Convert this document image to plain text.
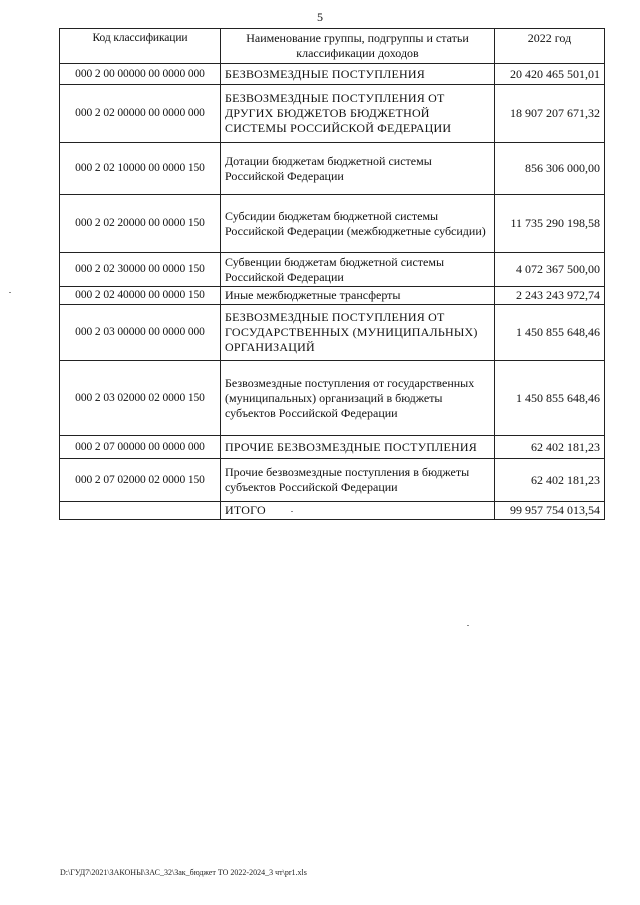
5
Код классификации	Наименование группы, подгруппы и статьи классификации доходов	2022 год
000 2 00 00000 00 0000 000	БЕЗВОЗМЕЗДНЫЕ ПОСТУПЛЕНИЯ	20 420 465 501,01
000 2 02 00000 00 0000 000	БЕЗВОЗМЕЗДНЫЕ ПОСТУПЛЕНИЯ ОТ ДРУГИХ БЮДЖЕТОВ БЮДЖЕТНОЙ СИСТЕМЫ РОССИЙСКОЙ ФЕДЕРАЦИИ	18 907 207 671,32
000 2 02 10000 00 0000 150	Дотации бюджетам бюджетной системы Российской Федерации	856 306 000,00
000 2 02 20000 00 0000 150	Субсидии бюджетам бюджетной системы Российской Федерации (межбюджетные субсидии)	11 735 290 198,58
000 2 02 30000 00 0000 150	Субвенции бюджетам бюджетной системы Российской Федерации	4 072 367 500,00
000 2 02 40000 00 0000 150	Иные межбюджетные трансферты	2 243 243 972,74
000 2 03 00000 00 0000 000	БЕЗВОЗМЕЗДНЫЕ ПОСТУПЛЕНИЯ ОТ ГОСУДАРСТВЕННЫХ (МУНИЦИПАЛЬНЫХ) ОРГАНИЗАЦИЙ	1 450 855 648,46
000 2 03 02000 02 0000 150	Безвозмездные поступления от государственных (муниципальных) организаций в бюджеты субъектов Российской Федерации	1 450 855 648,46
000 2 07 00000 00 0000 000	ПРОЧИЕ БЕЗВОЗМЕЗДНЫЕ ПОСТУПЛЕНИЯ	62 402 181,23
000 2 07 02000 02 0000 150	Прочие безвозмездные поступления в бюджеты субъектов Российской Федерации	62 402 181,23
	ИТОГО	99 957 754 013,54
D:\ГУД7\2021\ЗАКОНЫ\ЗАС_32\Зак_бюджет ТО 2022-2024_3 чт\pr1.xls
